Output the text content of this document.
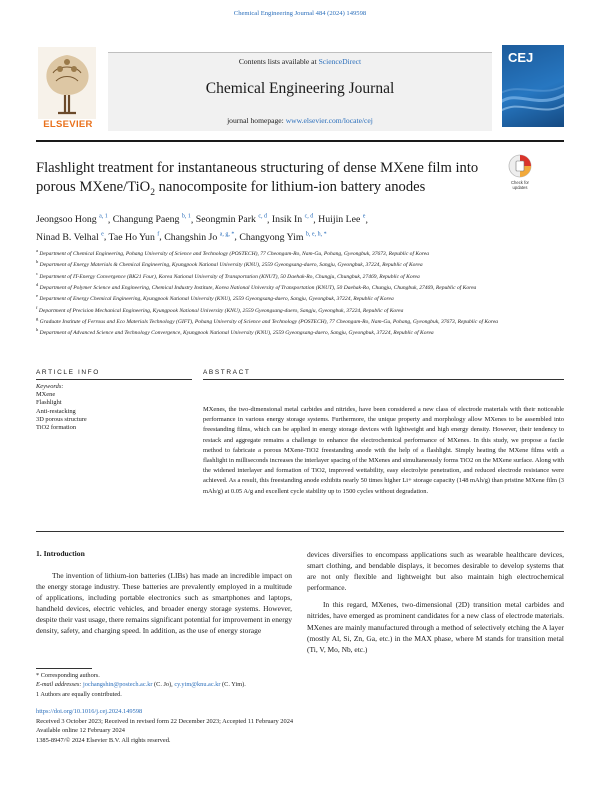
Chemical Engineering Journal 484 (2024) 149598
ELSEVIER
Contents lists available at ScienceDirect
Chemical Engineering Journal
journal homepage: www.elsevier.com/locate/cej
CEJ
Flashlight treatment for instantaneous structuring of dense MXene film into porous MXene/TiO$_2$ nanocomposite for lithium-ion battery anodes	Check for
updates
Jeongsoo Hong $^{a, 1}$, Changung Paeng $^{b, 1}$, Seongmin Park $^{c, d}$, Insik In $^{c, d}$, Huijin Lee $^e$,
Ninad B. Velhal $^e$, Tae Ho Yun $^f$, Changshin Jo $^{a, g, *}$, Changyong Yim $^{b, e, h, *}$

$^a$ Department of Chemical Engineering, Pohang University of Science and Technology (POSTECH), 77 Cheongam-Ro, Nam-Gu, Pohang, Gyeongbuk, 37673, Republic of Korea

$^b$ Department of Energy Materials & Chemical Engineering, Kyungpook National University (KNU), 2559 Gyeongsang-daero, Sangju, Gyeongbuk, 37224, Republic of Korea

$^c$ Department of IT-Energy Convergence (BK21 Four), Korea National University of Transportation (KNUT), 50 Daehak-Ro, Chungju, Chungbuk, 27469, Republic of Korea

$^d$ Department of Polymer Science and Engineering, Chemical Industry Institute, Korea National University of Transportation (KNUT), 50 Daehak-Ro, Chungju, Chungbuk, 27469, Republic of Korea

$^e$ Department of Energy Chemical Engineering, Kyungpook National University (KNU), 2559 Gyeongsang-daero, Sangju, Gyeongbuk, 37224, Republic of Korea

$^f$ Department of Precision Mechanical Engineering, Kyungpook National University (KNU), 2559 Gyeongsang-daero, Sangju, Gyeongbuk, 37224, Republic of Korea

$^g$ Graduate Institute of Ferrous and Eco Materials Technology (GIFT), Pohang University of Science and Technology (POSTECH), 77 Cheongam-Ro, Nam-Gu, Pohang, Gyeongbuk, 37673, Republic of Korea

$^h$ Department of Advanced Science and Technology Convergence, Kyungpook National University (KNU), 2559 Gyeongsang-daero, Sangju, Gyeongbuk, 37224, Republic of Korea

ARTICLE INFO
Keywords:
MXene
Flashlight
Anti-restacking
3D porous structure
TiO2 formation
ABSTRACT
MXenes, the two-dimensional metal carbides and nitrides, have been considered a new class of electrode materials with their noticeable performance in various energy storage systems. Furthermore, the unique property and morphology allow MXenes to be assembled into freestanding films, which can be applied in energy storage devices with lightweight and high energy density. However, their tendency to restack and aggregate remains a challenge to enhance the electrochemical performance of MXenes. In this study, we propose a facile method to fabricate a porous MXene-TiO2 freestanding anode with the help of a flashlight. Simply heating the MXene films with a flashlight in milliseconds increases the interlayer spacing of the MXenes and simultaneously forms TiO2 on the MXene surface. Along with the widened interlayer and formation of TiO2, improved wettability, easy electrolyte penetration, and reduced electrode resistance were achieved. As a result, this freestanding anode exhibits nearly 50 times higher Li+ storage capacity (148 mAh/g) than pristine MXene film (3 mAh/g) at 0.05 A/g and excellent cycle stability up to 1500 cycles without degradation.
1. Introduction

The invention of lithium-ion batteries (LIBs) has made an incredible impact on the energy storage industry. These batteries are prevalently employed in a multitude of applications, including portable electronics such as smartphones and laptops, handheld devices, electric vehicles, and broader energy storage systems. However, despite their vast usage, there remains significant potential for improvement in energy density, safety, and charging speed. In addition, as the use of energy storage

devices diversifies to encompass applications such as wearable healthcare devices, smart clothing, and bendable displays, it becomes desirable to develop systems that are not only flexible and lightweight but also maintain high electrochemical performance.

In this regard, MXenes, two-dimensional (2D) transition metal carbides and nitrides, have emerged as prominent candidates for a new class of electrode materials. MXenes are mainly manufactured through a method of selectively etching the A layer (mostly Al, Si, Zn, Ga, etc.) in the MAX phase, where M stands for transition metal (Ti, V, Mo, Nb, etc.)

* Corresponding authors.

E-mail addresses: jochangshin@postech.ac.kr (C. Jo), cy.yim@knu.ac.kr (C. Yim).

1 Authors are equally contributed.

https://doi.org/10.1016/j.cej.2024.149598

Received 3 October 2023; Received in revised form 22 December 2023; Accepted 11 February 2024

Available online 12 February 2024

1385-8947/© 2024 Elsevier B.V. All rights reserved.
